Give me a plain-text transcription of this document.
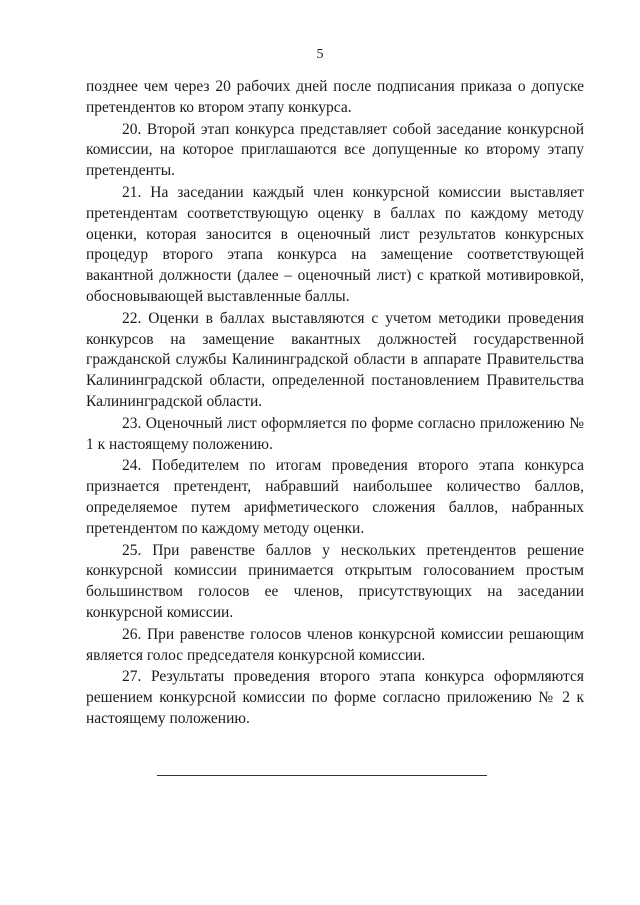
5

позднее чем через 20 рабочих дней после подписания приказа о допуске претендентов ко втором этапу конкурса.

20. Второй этап конкурса представляет собой заседание конкурсной комиссии, на которое приглашаются все допущенные ко второму этапу претенденты.

21. На заседании каждый член конкурсной комиссии выставляет претендентам соответствующую оценку в баллах по каждому методу оценки, которая заносится в оценочный лист результатов конкурсных процедур второго этапа конкурса на замещение соответствующей вакантной должности (далее – оценочный лист) с краткой мотивировкой, обосновывающей выставленные баллы.

22. Оценки в баллах выставляются с учетом методики проведения конкурсов на замещение вакантных должностей государственной гражданской службы Калининградской области в аппарате Правительства Калининградской области, определенной постановлением Правительства Калининградской области.

23. Оценочный лист оформляется по форме согласно приложению № 1 к настоящему положению.

24. Победителем по итогам проведения второго этапа конкурса признается претендент, набравший наибольшее количество баллов, определяемое путем арифметического сложения баллов, набранных претендентом по каждому методу оценки.

25. При равенстве баллов у нескольких претендентов решение конкурсной комиссии принимается открытым голосованием простым большинством голосов ее членов, присутствующих на заседании конкурсной комиссии.

26. При равенстве голосов членов конкурсной комиссии решающим является голос председателя конкурсной комиссии.

27. Результаты проведения второго этапа конкурса оформляются решением конкурсной комиссии по форме согласно приложению № 2 к настоящему положению.
